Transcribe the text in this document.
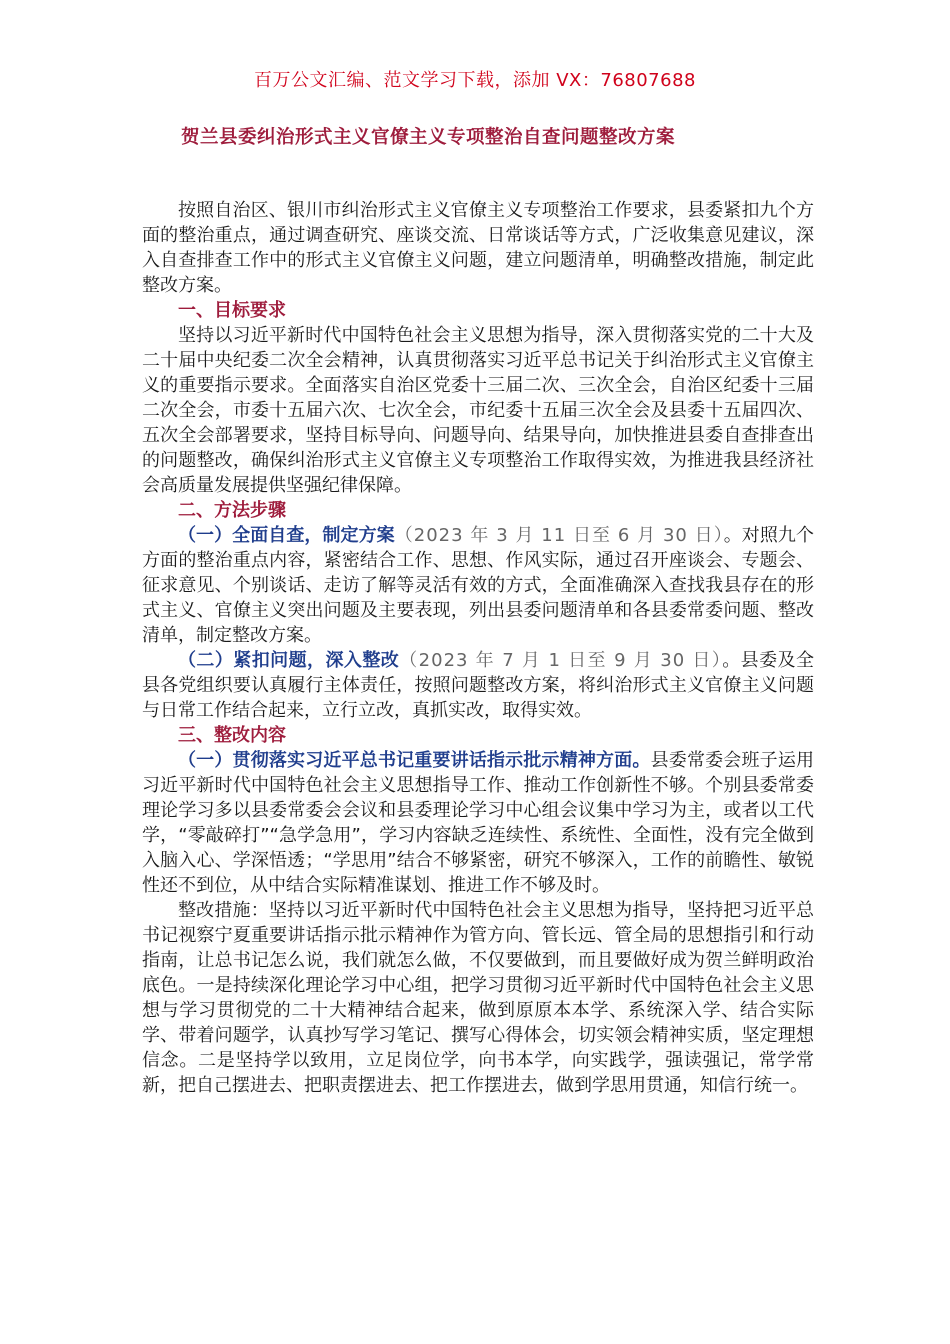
百万公文汇编、范文学习下载，添加 VX：76807688
贺兰县委纠治形式主义官僚主义专项整治自查问题整改方案

按照自治区、银川市纠治形式主义官僚主义专项整治工作要求，县委紧扣九个方面的整治重点，通过调查研究、座谈交流、日常谈话等方式，广泛收集意见建议，深入自查排查工作中的形式主义官僚主义问题，建立问题清单，明确整改措施，制定此整改方案。

一、目标要求

坚持以习近平新时代中国特色社会主义思想为指导，深入贯彻落实党的二十大及二十届中央纪委二次全会精神，认真贯彻落实习近平总书记关于纠治形式主义官僚主义的重要指示要求。全面落实自治区党委十三届二次、三次全会，自治区纪委十三届二次全会，市委十五届六次、七次全会，市纪委十五届三次全会及县委十五届四次、五次全会部署要求，坚持目标导向、问题导向、结果导向，加快推进县委自查排查出的问题整改，确保纠治形式主义官僚主义专项整治工作取得实效，为推进我县经济社会高质量发展提供坚强纪律保障。

二、方法步骤

（一）全面自查，制定方案（2023 年 3 月 11 日至 6 月 30 日）。对照九个方面的整治重点内容，紧密结合工作、思想、作风实际，通过召开座谈会、专题会、征求意见、个别谈话、走访了解等灵活有效的方式，全面准确深入查找我县存在的形式主义、官僚主义突出问题及主要表现，列出县委问题清单和各县委常委问题、整改清单，制定整改方案。

（二）紧扣问题，深入整改（2023 年 7 月 1 日至 9 月 30 日）。县委及全县各党组织要认真履行主体责任，按照问题整改方案，将纠治形式主义官僚主义问题与日常工作结合起来，立行立改，真抓实改，取得实效。

三、整改内容

（一）贯彻落实习近平总书记重要讲话指示批示精神方面。县委常委会班子运用习近平新时代中国特色社会主义思想指导工作、推动工作创新性不够。个别县委常委理论学习多以县委常委会会议和县委理论学习中心组会议集中学习为主，或者以工代学，“零敲碎打”“急学急用”，学习内容缺乏连续性、系统性、全面性，没有完全做到入脑入心、学深悟透；“学思用”结合不够紧密，研究不够深入，工作的前瞻性、敏锐性还不到位，从中结合实际精准谋划、推进工作不够及时。

整改措施：坚持以习近平新时代中国特色社会主义思想为指导，坚持把习近平总书记视察宁夏重要讲话指示批示精神作为管方向、管长远、管全局的思想指引和行动指南，让总书记怎么说，我们就怎么做，不仅要做到，而且要做好成为贺兰鲜明政治底色。一是持续深化理论学习中心组，把学习贯彻习近平新时代中国特色社会主义思想与学习贯彻党的二十大精神结合起来，做到原原本本学、系统深入学、结合实际学、带着问题学，认真抄写学习笔记、撰写心得体会，切实领会精神实质，坚定理想信念。二是坚持学以致用，立足岗位学，向书本学，向实践学，强读强记，常学常新，把自己摆进去、把职责摆进去、把工作摆进去，做到学思用贯通，知信行统一。
